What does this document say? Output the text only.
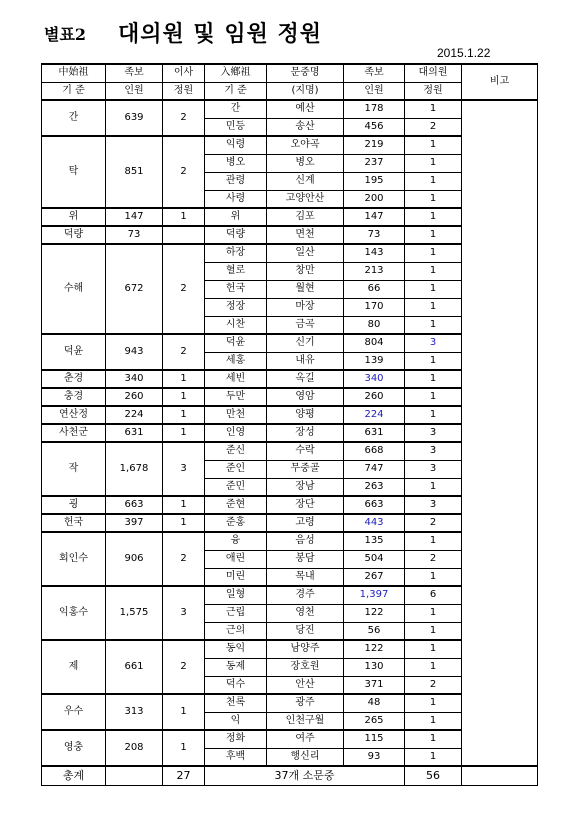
별표2 대의원 및 임원 정원
2015.1.22
中始祖	족보	이사	入鄕祖	문중명	족보	대의원	비고
기 준	인원	정원	기 준	(지명)	인원	정원	
간	639	2	간	예산	178	1	
			민등	송산	456	2	
탁	851	2	익령	오야곡	219	1	
			병오	병오	237	1	
			관령	신계	195	1	
			사령	고양안산	200	1	
위	147	1	위	김포	147	1	
덕량	73		덕량	면천	73	1	
수해	672	2	하장	일산	143	1	
			혈로	창만	213	1	
			헌국	월현	66	1	
			정장	마장	170	1	
			시찬	금곡	80	1	
덕윤	943	2	덕윤	신기	804	3	
			세홍	내유	139	1	
춘경	340	1	세빈	옥길	340	1	
충경	260	1	두만	영암	260	1	
연산정	224	1	만천	양평	224	1	
사천군	631	1	인영	장성	631	3	
작	1,678	3	준신	수락	668	3	
			준인	무중골	747	3	
			준민	장남	263	1	
굉	663	1	준현	장단	663	3	
헌국	397	1	준홍	고령	443	2	
회인수	906	2	융	음성	135	1	
			애린	봉담	504	2	
			미린	목내	267	1	
익홍수	1,575	3	일형	경주	1,397	6	
			근립	영천	122	1	
			근의	당진	56	1	
제	661	2	동익	남양주	122	1	
			동제	장호원	130	1	
			덕수	안산	371	2	
우수	313	1	천록	광주	48	1	
			익	인천구월	265	1	
영충	208	1	정화	여주	115	1	
			후백	행신리	93	1	
총계		27	37개 소문중			56	
